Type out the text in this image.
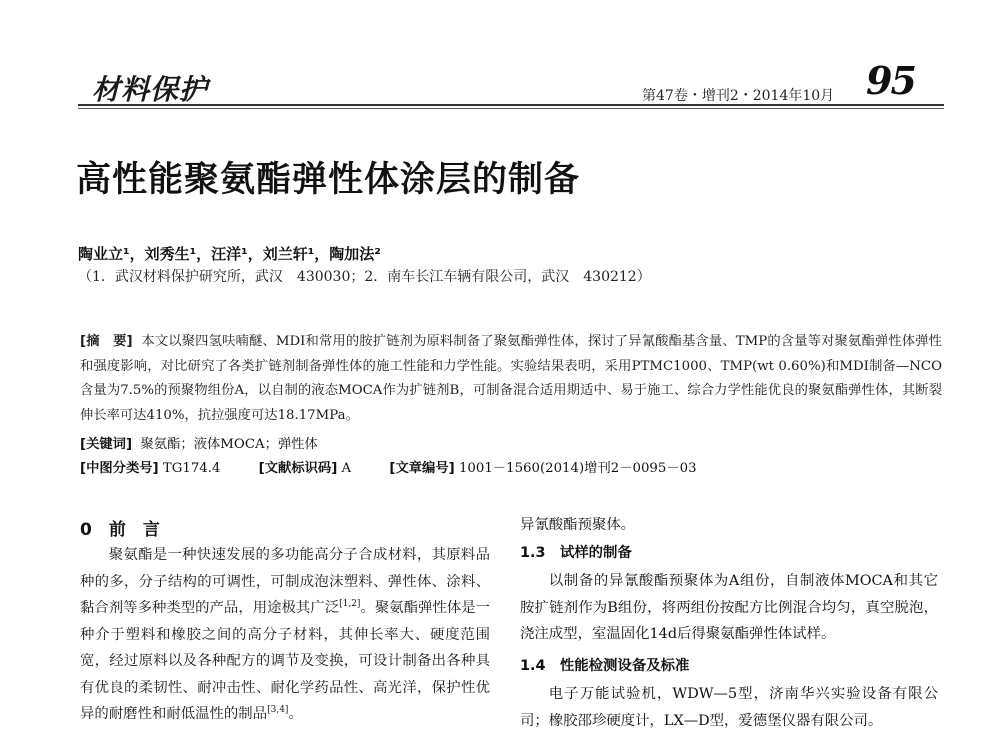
材料保护	第47卷・增刊2・2014年10月 95
高性能聚氨酯弹性体涂层的制备
陶业立¹，刘秀生¹，汪洋¹，刘兰轩¹，陶加法²
（1．武汉材料保护研究所，武汉　430030；2．南车长江车辆有限公司，武汉　430212）
[摘　要] 本文以聚四氢呋喃醚、MDI和常用的胺扩链剂为原料制备了聚氨酯弹性体，探讨了异氰酸酯基含量、TMP的含量等对聚氨酯弹性体弹性和强度影响，对比研究了各类扩链剂制备弹性体的施工性能和力学性能。实验结果表明，采用PTMC1000、TMP(wt 0.60%)和MDI制备—NCO含量为7.5%的预聚物组份A，以自制的液态MOCA作为扩链剂B，可制备混合适用期适中、易于施工、综合力学性能优良的聚氨酯弹性体，其断裂伸长率可达410%，抗拉强度可达18.17MPa。
[关键词] 聚氨酯；液体MOCA；弹性体
[中图分类号] TG174.4	[文献标识码] A	[文章编号] 1001－1560(2014)增刊2－0095－03
0　前　言

聚氨酯是一种快速发展的多功能高分子合成材料，其原料品种的多，分子结构的可调性，可制成泡沫塑料、弹性体、涂料、黏合剂等多种类型的产品，用途极其广泛[1,2]。聚氨酯弹性体是一种介于塑料和橡胶之间的高分子材料，其伸长率大、硬度范围宽，经过原料以及各种配方的调节及变换，可设计制备出各种具有优良的柔韧性、耐冲击性、耐化学药品性、高光洋，保护性优异的耐磨性和耐低温性的制品[3,4]。

异氰酸酯预聚体。
1.3　试样的制备

以制备的异氰酸酯预聚体为A组份，自制液体MOCA和其它胺扩链剂作为B组份，将两组份按配方比例混合均匀，真空脱泡，浇注成型，室温固化14d后得聚氨酯弹性体试样。

1.4　性能检测设备及标准

电子万能试验机，WDW—5型，济南华兴实验设备有限公司；橡胶邵珍硬度计，LX—D型，爱德堡仪器有限公司。
